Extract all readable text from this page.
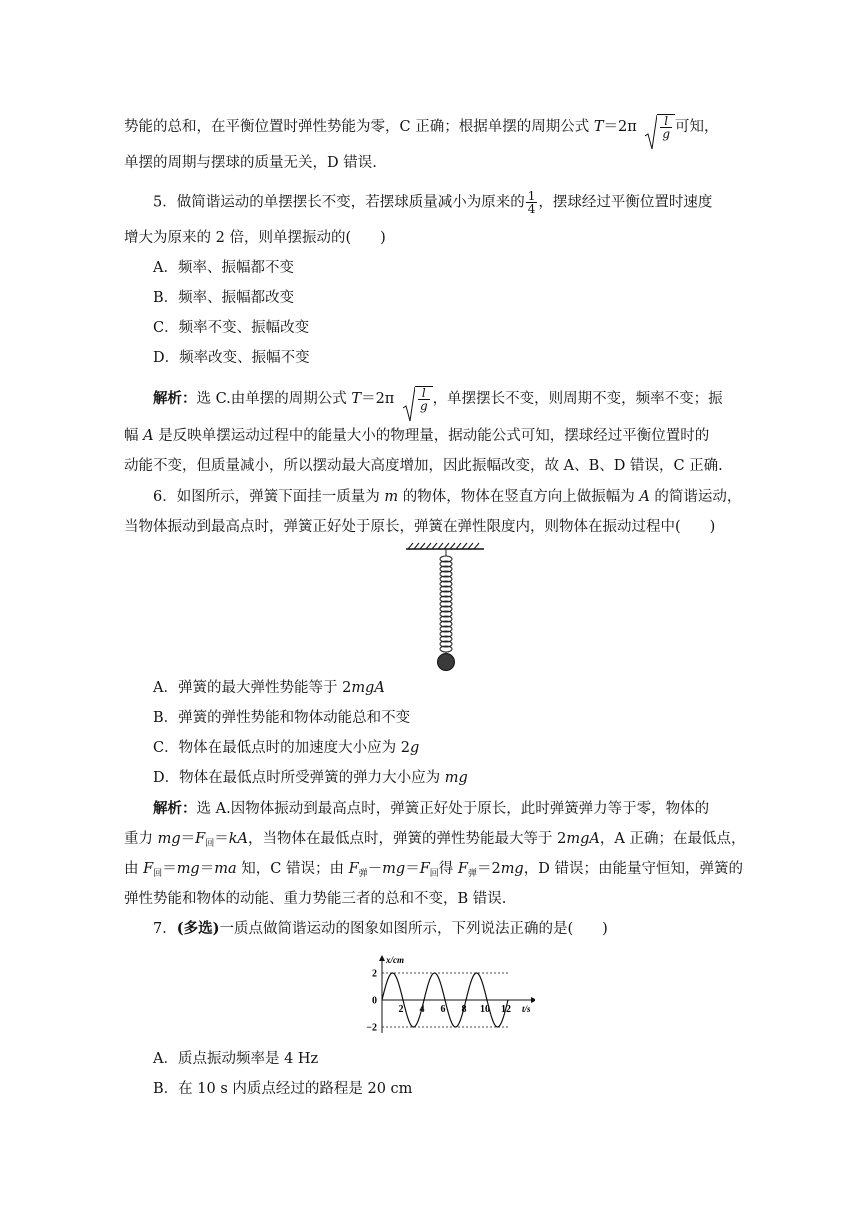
势能的总和，在平衡位置时弹性势能为零，C 正确；根据单摆的周期公式 $T=2\pi \frac{l}{g}$ 可知，
单摆的周期与摆球的质量无关，D 错误.
5．做简谐运动的单摆摆长不变，若摆球质量减小为原来的 $\frac{1}{4}$ ，摆球经过平衡位置时速度
增大为原来的 2 倍，则单摆振动的(　　)
A．频率、振幅都不变
B．频率、振幅都改变
C．频率不变、振幅改变
D．频率改变、振幅不变
解析：选 C.由单摆的周期公式 $T=2\pi \frac{l}{g}$ ，单摆摆长不变，则周期不变，频率不变；振
幅 A 是反映单摆运动过程中的能量大小的物理量，据动能公式可知，摆球经过平衡位置时的
动能不变，但质量减小，所以摆动最大高度增加，因此振幅改变，故 A、B、D 错误，C 正确.
6．如图所示，弹簧下面挂一质量为 m 的物体，物体在竖直方向上做振幅为 A 的简谐运动，
当物体振动到最高点时，弹簧正好处于原长，弹簧在弹性限度内，则物体在振动过程中(　　)
A．弹簧的最大弹性势能等于 2mgA
B．弹簧的弹性势能和物体动能总和不变
C．物体在最低点时的加速度大小应为 2g
D．物体在最低点时所受弹簧的弹力大小应为 mg
解析：选 A.因物体振动到最高点时，弹簧正好处于原长，此时弹簧弹力等于零，物体的
重力 $mg=F_回=kA$，当物体在最低点时，弹簧的弹性势能最大等于 2mgA，A 正确；在最低点，
由 $F_回=mg=ma$ 知，C 错误；由 $F_弹-mg=F_回$得 $F_弹=2mg$，D 错误；由能量守恒知，弹簧的
弹性势能和物体的动能、重力势能三者的总和不变，B 错误.
7．(多选)一质点做简谐运动的图象如图所示，下列说法正确的是(　　)
x/cm
t/s
2
0
−2
2 4 6 8 10 12
A．质点振动频率是 4 Hz
B．在 10 s 内质点经过的路程是 20 cm
